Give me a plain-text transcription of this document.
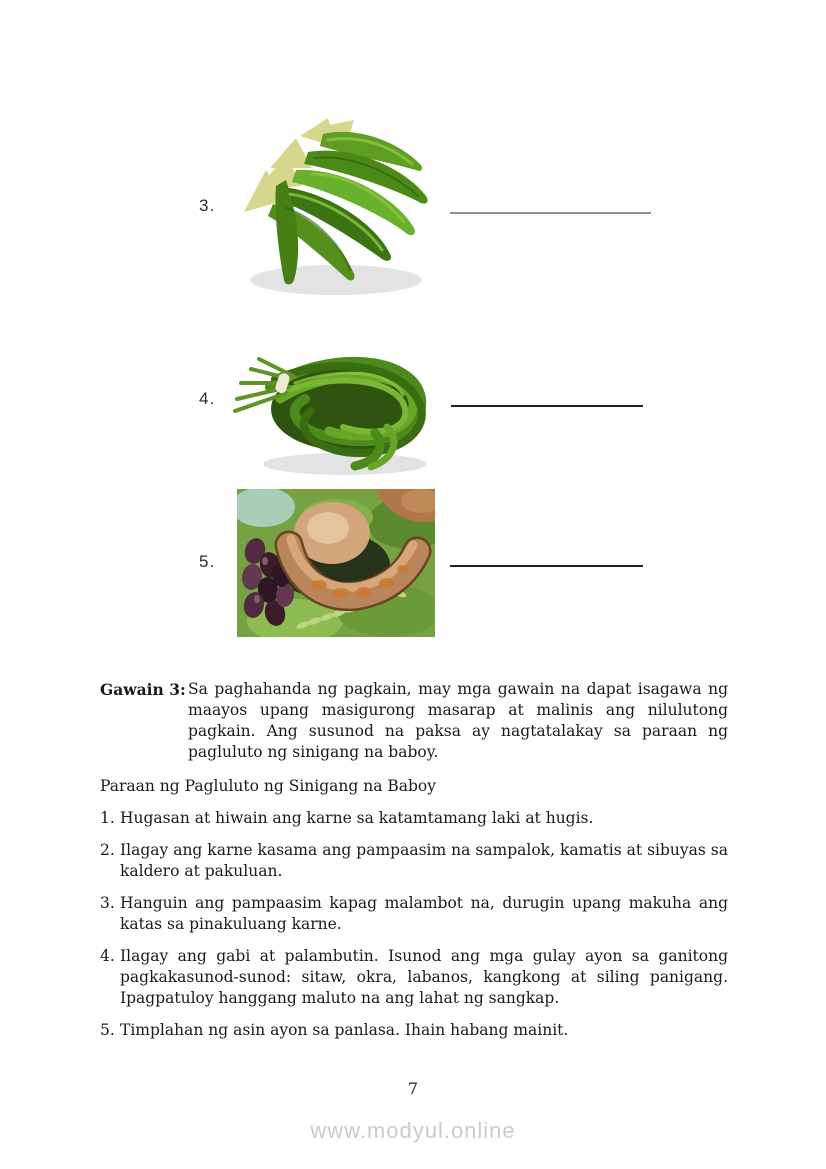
3.
4.
5.
Gawain 3: Sa paghahanda ng pagkain, may mga gawain na dapat isagawa ng maayos upang masigurong masarap at malinis ang nilulutong pagkain. Ang susunod na paksa ay nagtatalakay sa paraan ng pagluluto ng sinigang na baboy.
Paraan ng Pagluluto ng Sinigang na Baboy
1. Hugasan at hiwain ang karne sa katamtamang laki at hugis.
2. Ilagay ang karne kasama ang pampaasim na sampalok, kamatis at sibuyas sa kaldero at pakuluan.
3. Hanguin ang pampaasim kapag malambot na, durugin upang makuha ang katas sa pinakuluang karne.
4. Ilagay ang gabi at palambutin. Isunod ang mga gulay ayon sa ganitong pagkakasunod-sunod: sitaw, okra, labanos, kangkong at siling panigang. Ipagpatuloy hanggang maluto na ang lahat ng sangkap.
5. Timplahan ng asin ayon sa panlasa. Ihain habang mainit.
7
www.modyul.online
